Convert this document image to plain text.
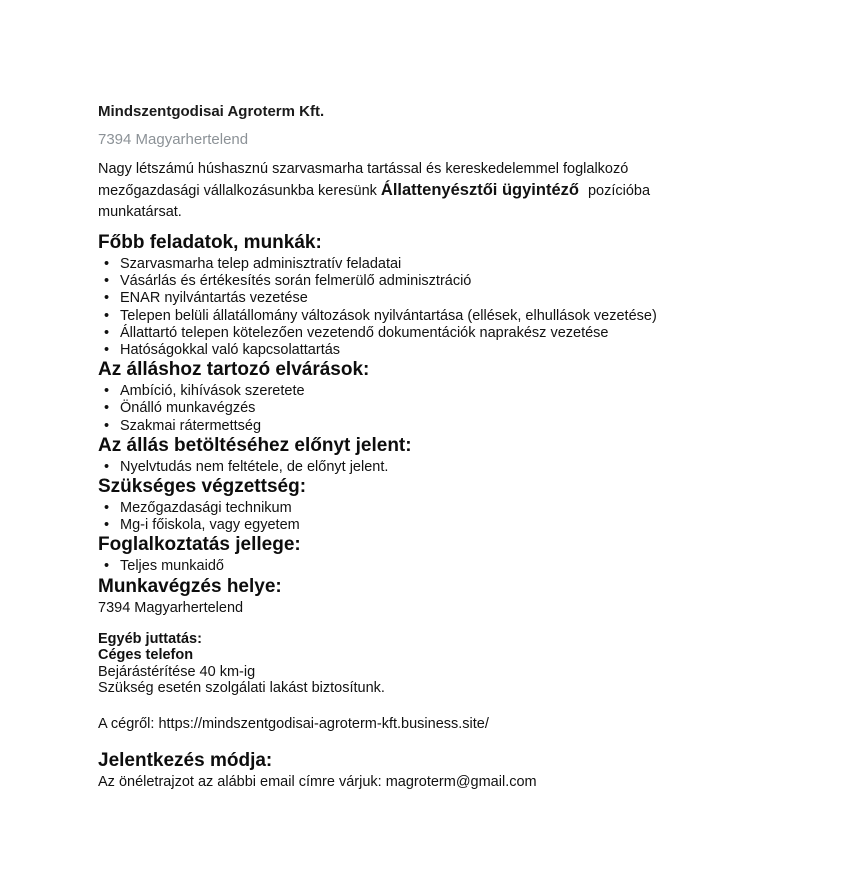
Mindszentgodisai Agroterm Kft.
7394 Magyarhertelend

Nagy létszámú húshasznú szarvasmarha tartással és kereskedelemmel foglalkozó mezőgazdasági vállalkozásunkba keresünk Állattenyésztői ügyintéző pozícióba munkatársat.

Főbb feladatok, munkák:
• Szarvasmarha telep adminisztratív feladatai
• Vásárlás és értékesítés során felmerülő adminisztráció
• ENAR nyilvántartás vezetése
• Telepen belüli állatállomány változások nyilvántartása (ellések, elhullások vezetése)
• Állattartó telepen kötelezően vezetendő dokumentációk naprakész vezetése
• Hatóságokkal való kapcsolattartás
Az álláshoz tartozó elvárások:
• Ambíció, kihívások szeretete
• Önálló munkavégzés
• Szakmai rátermettség
Az állás betöltéséhez előnyt jelent:
• Nyelvtudás nem feltétele, de előnyt jelent.
Szükséges végzettség:
• Mezőgazdasági technikum
• Mg-i főiskola, vagy egyetem
Foglalkoztatás jellege:
• Teljes munkaidő
Munkavégzés helye:
7394 Magyarhertelend
Egyéb juttatás:
Céges telefon
Bejárástérítése 40 km-ig
Szükség esetén szolgálati lakást biztosítunk.
A cégről: https://mindszentgodisai-agroterm-kft.business.site/
Jelentkezés módja:
Az önéletrajzot az alábbi email címre várjuk: magroterm@gmail.com
